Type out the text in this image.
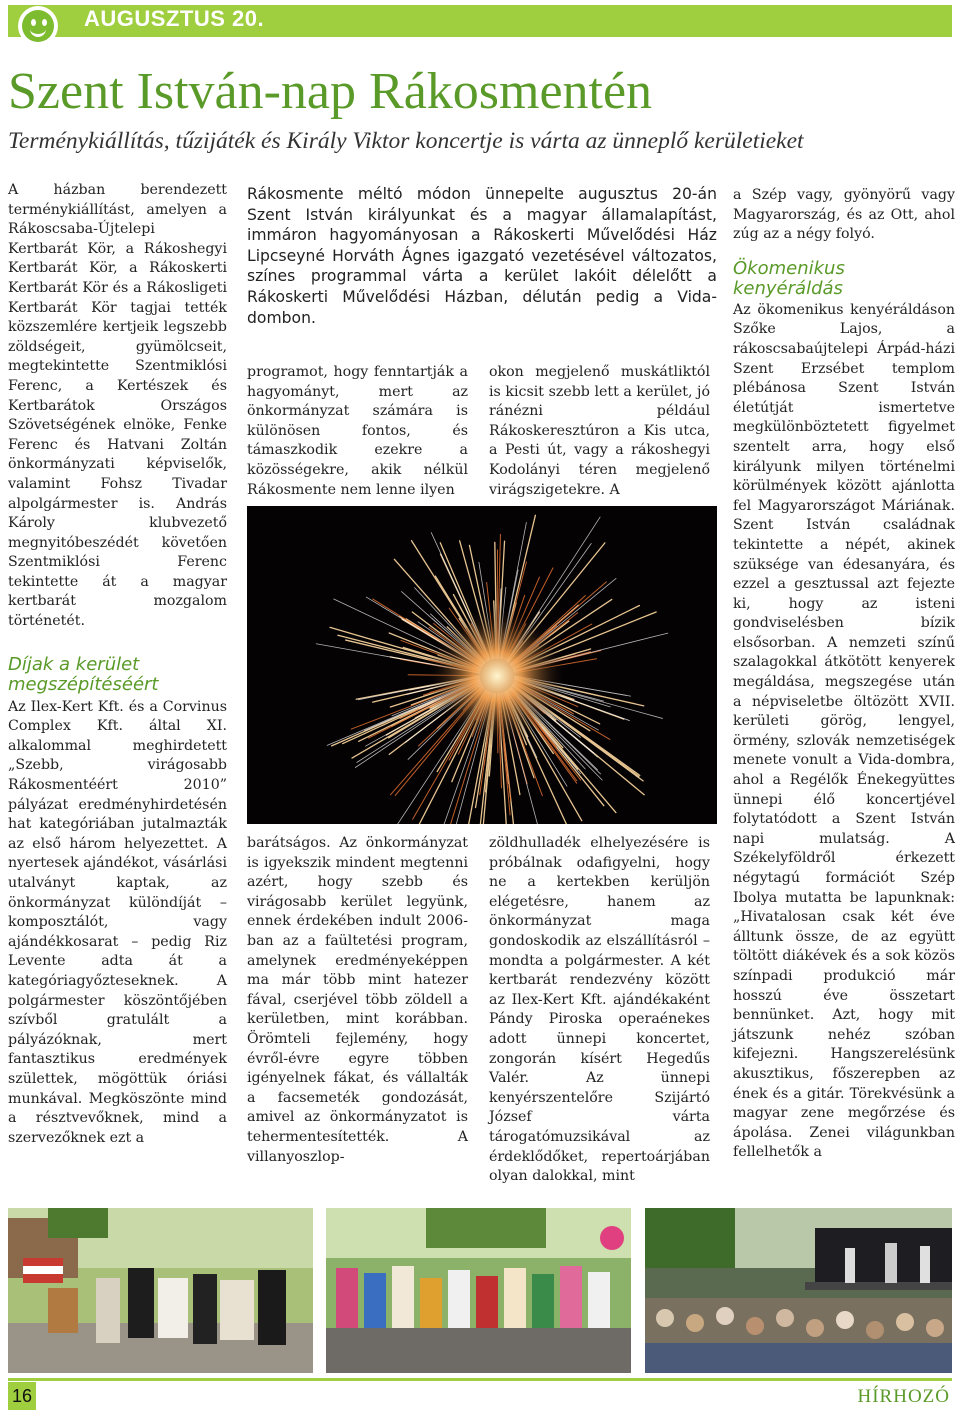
AUGUSZTUS 20.
Szent István-nap Rákosmentén
Terménykiállítás, tűzijáték és Király Viktor koncertje is várta az ünneplő kerületieket

A házban berendezett terménykiállítást, amelyen a Rákoscsaba-Újtelepi Kertbarát Kör, a Rákoshegyi Kertbarát Kör, a Rákoskerti Kertbarát Kör és a Rákosligeti Kertbarát Kör tagjai tették közszemlére kertjeik legszebb zöldségeit, gyümölcseit, megtekintette Szentmiklósi Ferenc, a Kertészek és Kertbarátok Országos Szövetségének elnöke, Fenke Ferenc és Hatvani Zoltán önkormányzati képviselők, valamint Fohsz Tivadar alpolgármester is. András Károly klubvezető megnyitóbeszédét követően Szentmiklósi Ferenc tekintette át a magyar kertbarát mozgalom történetét.

Díjak a kerület megszépítéséért

Az Ilex-Kert Kft. és a Corvinus Complex Kft. által XI. alkalommal meghirdetett „Szebb, virágosabb Rákosmentéért 2010” pályázat eredményhirdetésén hat kategóriában jutalmazták az első három helyezettet. A nyertesek ajándékot, vásárlási utalványt kaptak, az önkormányzat különdíját – komposztálót, vagy ajándékkosarat – pedig Riz Levente adta át a kategóriagyőzteseknek. A polgármester köszöntőjében szívből gratulált a pályázóknak, mert fantasztikus eredmények születtek, mögöttük óriási munkával. Megköszönte mind a résztvevőknek, mind a szervezőknek ezt a

Rákosmente méltó módon ünnepelte augusztus 20-án Szent István királyunkat és a magyar államalapítást, immáron hagyományosan a Rákoskerti Művelődési Ház Lipcseyné Horváth Ágnes igazgató vezetésével változatos, színes programmal várta a kerület lakóit délelőtt a Rákoskerti Művelődési Házban, délután pedig a Vida-dombon.

programot, hogy fenntartják a hagyományt, mert az önkormányzat számára is különösen fontos, és támaszkodik ezekre a közösségekre, akik nélkül Rákosmente nem lenne ilyen

okon megjelenő muskátliktól is kicsit szebb lett a kerület, jó ránézni például Rákoskeresztúron a Kis utca, a Pesti út, vagy a rákoshegyi Kodolányi téren megjelenő virágszigetekre. A

barátságos. Az önkormányzat is igyekszik mindent megtenni azért, hogy szebb és virágosabb kerület legyünk, ennek érdekében indult 2006-ban az a faültetési program, amelynek eredményeképpen ma már több mint hatezer fával, cserjével több zöldell a kerületben, mint korábban. Örömteli fejlemény, hogy évről-évre egyre többen igényelnek fákat, és vállalták a facsemeték gondozását, amivel az önkormányzatot is tehermentesítették. A villanyoszlop-

zöldhulladék elhelyezésére is próbálnak odafigyelni, hogy ne a kertekben kerüljön elégetésre, hanem az önkormányzat maga gondoskodik az elszállításról – mondta a polgármester. A két kertbarát rendezvény között az Ilex-Kert Kft. ajándékaként Pándy Piroska operaénekes adott ünnepi koncertet, zongorán kísért Hegedűs Valér. Az ünnepi kenyérszentelőre Szijártó József várta tárogatómuzsikával az érdeklődőket, repertoárjában olyan dalokkal, mint

a Szép vagy, gyönyörű vagy Magyarország, és az Ott, ahol zúg az a négy folyó.

Ökomenikus kenyéráldás

Az ökomenikus kenyéráldáson Szőke Lajos, a rákoscsabaújtelepi Árpád-házi Szent Erzsébet templom plébánosa Szent István életútját ismertetve megkülönböztetett figyelmet szentelt arra, hogy első királyunk milyen történelmi körülmények között ajánlotta fel Magyarországot Máriának. Szent István családnak tekintette a népét, akinek szüksége van édesanyára, és ezzel a gesztussal azt fejezte ki, hogy az isteni gondviselésben bízik elsősorban. A nemzeti színű szalagokkal átkötött kenyerek megáldása, megszegése után a népviseletbe öltözött XVII. kerületi görög, lengyel, örmény, szlovák nemzetiségek menete vonult a Vida-dombra, ahol a Regélők Énekegyüttes ünnepi élő koncertjével folytatódott a Szent István napi mulatság. A Székelyföldről érkezett négytagú formációt Szép Ibolya mutatta be lapunknak: „Hivatalosan csak két éve álltunk össze, de az együtt töltött diákévek és a sok közös színpadi produkció már hosszú éve összetart bennünket. Azt, hogy mit játszunk nehéz szóban kifejezni. Hangszerelésünk akusztikus, főszerepben az ének és a gitár. Törekvésünk a magyar zene megőrzése és ápolása. Zenei világunkban fellelhetők a

16	HÍRHOZÓ
